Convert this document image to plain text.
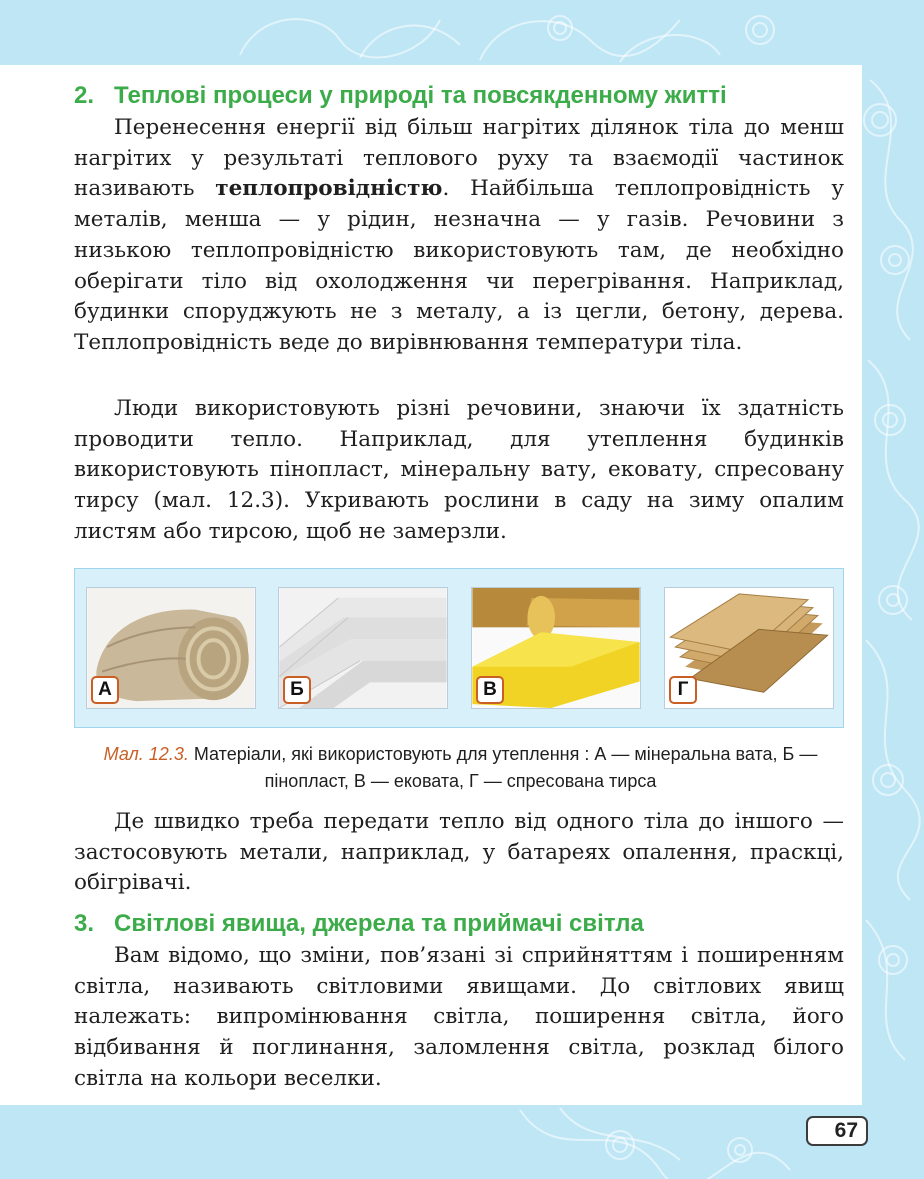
2. Теплові процеси у природі та повсякденному житті

Перенесення енергії від більш нагрітих ділянок тіла до менш нагрітих у результаті теплового руху та взаємодії частинок називають теплопровідністю. Найбільша теплопровідність у металів, менша — у рідин, незначна — у газів. Речовини з низькою теплопровідністю використовують там, де необхідно оберігати тіло від охолодження чи перегрівання. Наприклад, будинки споруджують не з металу, а із цегли, бетону, дерева. Теплопровідність веде до вирівнювання температури тіла.

Люди використовують різні речовини, знаючи їх здатність проводити тепло. Наприклад, для утеплення будинків використовують пінопласт, мінеральну вату, ековату, спресовану тирсу (мал. 12.3). Укривають рослини в саду на зиму опалим листям або тирсою, щоб не замерзли.

А	Б	В	Г
Мал. 12.3. Матеріали, які використовують для утеплення : А — мінеральна вата, Б — пінопласт, В — ековата, Г — спресована тирса

Де швидко треба передати тепло від одного тіла до іншого — застосовують метали, наприклад, у батареях опалення, праскці, обігрівачі.

3. Світлові явища, джерела та приймачі світла

Вам відомо, що зміни, пов’язані зі сприйняттям і поширенням світла, називають світловими явищами. До світлових явищ належать: випромінювання світла, поширення світла, його відбивання й поглинання, заломлення світла, розклад білого світла на кольори веселки.

67
